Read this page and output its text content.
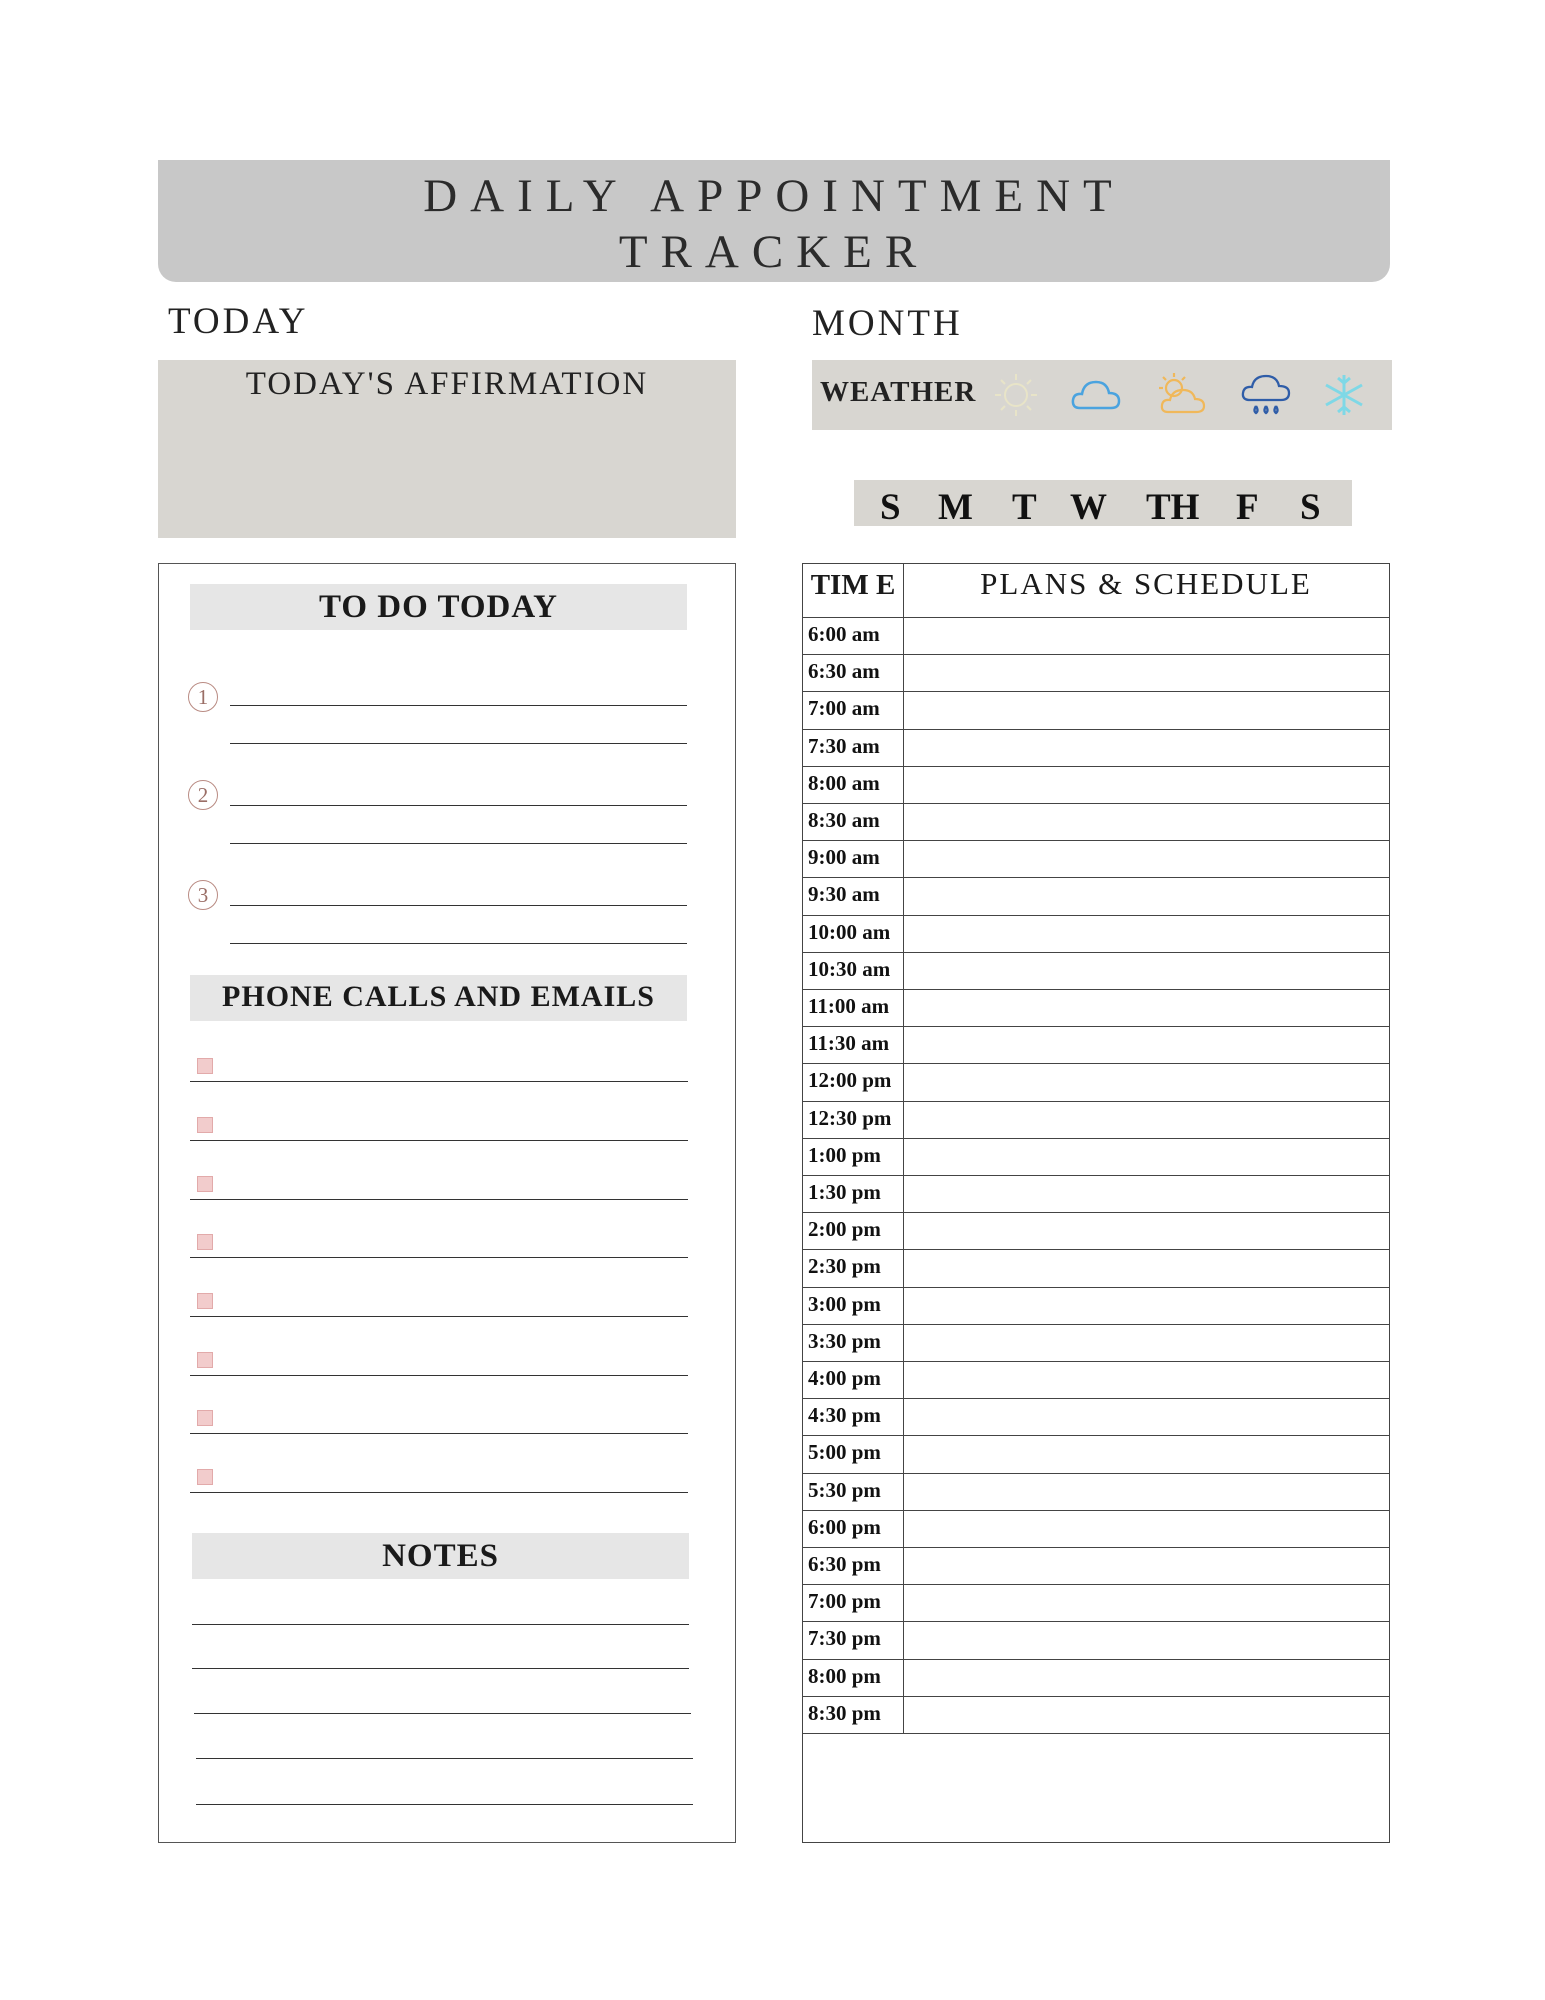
DAILY APPOINTMENT
TRACKER
TODAY	MONTH
TODAY'S AFFIRMATION	WEATHER
S M T W TH F S
TO DO TODAY
1
2
3
PHONE CALLS AND EMAILS
NOTES
TIM E	PLANS & SCHEDULE
6:00 am
6:30 am
7:00 am
7:30 am
8:00 am
8:30 am
9:00 am
9:30 am
10:00 am
10:30 am
11:00 am
11:30 am
12:00 pm
12:30 pm
1:00 pm
1:30 pm
2:00 pm
2:30 pm
3:00 pm
3:30 pm
4:00 pm
4:30 pm
5:00 pm
5:30 pm
6:00 pm
6:30 pm
7:00 pm
7:30 pm
8:00 pm
8:30 pm
